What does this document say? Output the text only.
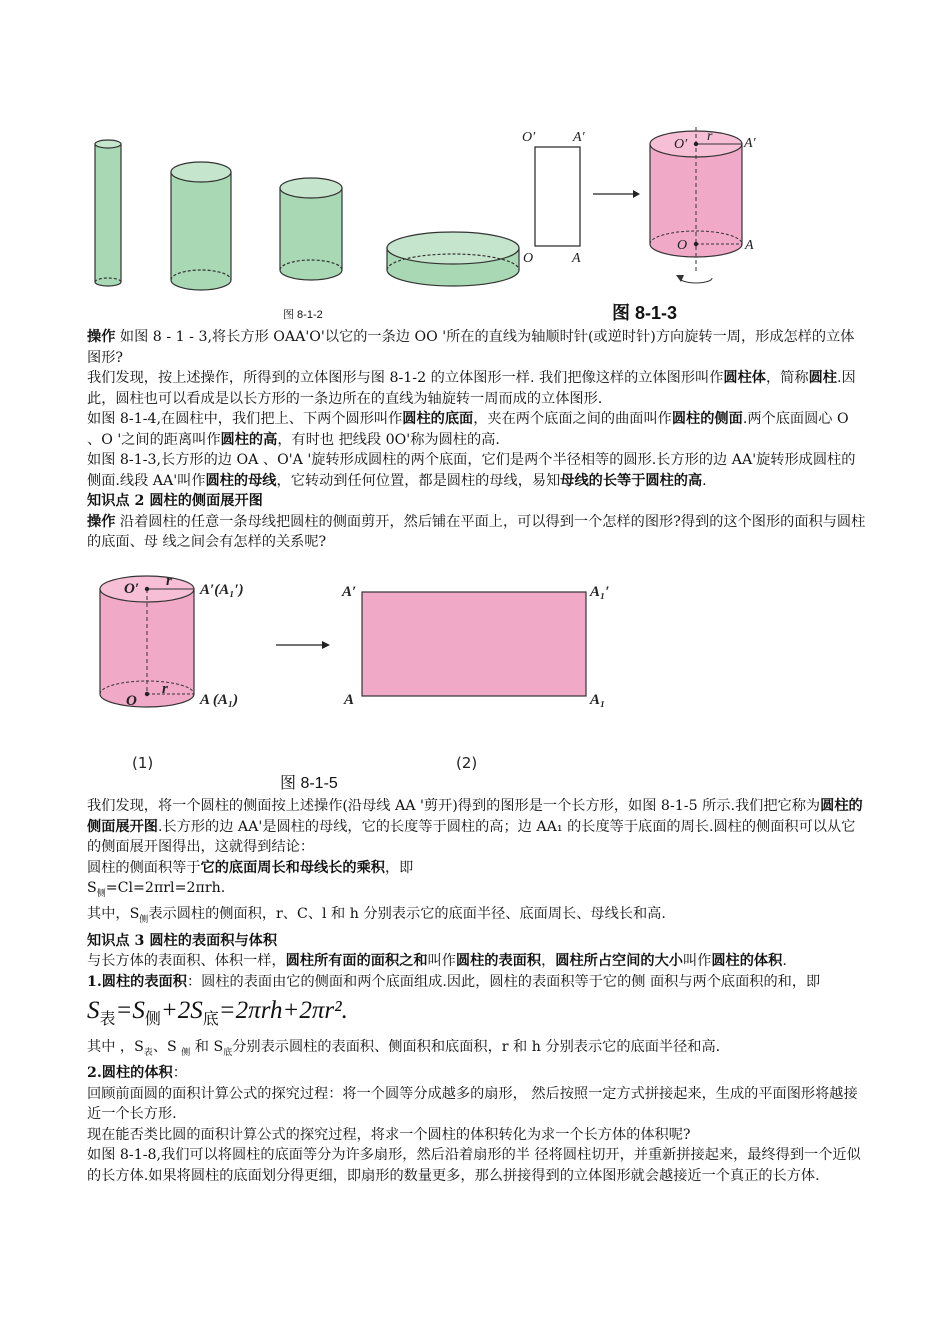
图 8-1-2
O′	A′
O	A
O′
r A′
O	A
图 8-1-3

操作 如图 8 - 1 - 3,将长方形 OAA'O'以它的一条边 OO '所在的直线为轴顺时针(或逆时针)方向旋转一周，形成怎样的立体图形?

我们发现，按上述操作，所得到的立体图形与图 8-1-2 的立体图形一样. 我们把像这样的立体图形叫作圆柱体，简称圆柱.因此，圆柱也可以看成是以长方形的一条边所在的直线为轴旋转一周而成的立体图形.

如图 8-1-4,在圆柱中，我们把上、下两个圆形叫作圆柱的底面，夹在两个底面之间的曲面叫作圆柱的侧面.两个底面圆心 O 、O '之间的距离叫作圆柱的高，有时也 把线段 0O'称为圆柱的高.

如图 8-1-3,长方形的边 OA 、O'A '旋转形成圆柱的两个底面，它们是两个半径相等的圆形.长方形的边 AA'旋转形成圆柱的侧面.线段 AA'叫作圆柱的母线，它转动到任何位置，都是圆柱的母线，易知母线的长等于圆柱的高.

知识点 2 圆柱的侧面展开图

操作 沿着圆柱的任意一条母线把圆柱的侧面剪开，然后铺在平面上，可以得到一个怎样的图形?得到的这个图形的面积与圆柱的底面、母 线之间会有怎样的关系呢?

O′ r
A′(A₁′)
r
O	A (A₁)
A′	A₁′
A	A₁
(1)	(2)
图 8-1-5

我们发现，将一个圆柱的侧面按上述操作(沿母线 AA '剪开)得到的图形是一个长方形，如图 8-1-5 所示.我们把它称为圆柱的侧面展开图.长方形的边 AA'是圆柱的母线，它的长度等于圆柱的高；边 AA₁ 的长度等于底面的周长.圆柱的侧面积可以从它的侧面展开图得出，这就得到结论：

圆柱的侧面积等于它的底面周长和母线长的乘积，即

$S_侧=Cl=2\pi rl=2\pi rh$.

其中，$S_侧$表示圆柱的侧面积，r、C、l 和 h 分别表示它的底面半径、底面周长、母线长和高.

知识点 3 圆柱的表面积与体积

与长方体的表面积、体积一样，圆柱所有面的面积之和叫作圆柱的表面积，圆柱所占空间的大小叫作圆柱的体积.

1.圆柱的表面积：圆柱的表面由它的侧面和两个底面组成.因此，圆柱的表面积等于它的侧 面积与两个底面积的和，即

$S_表=S_侧+2S_底=2\pi rh+2\pi r^2$.

其中 ，$S_表$、S $_侧$ 和 $S_底$分别表示圆柱的表面积、侧面积和底面积，r 和 h 分别表示它的底面半径和高.

2.圆柱的体积：

回顾前面圆的面积计算公式的探究过程：将一个圆等分成越多的扇形， 然后按照一定方式拼接起来，生成的平面图形将越接近一个长方形.

现在能否类比圆的面积计算公式的探究过程，将求一个圆柱的体积转化为求一个长方体的体积呢?

如图 8-1-8,我们可以将圆柱的底面等分为许多扇形，然后沿着扇形的半 径将圆柱切开，并重新拼接起来，最终得到一个近似的长方体.如果将圆柱的底面划分得更细，即扇形的数量更多，那么拼接得到的立体图形就会越接近一个真正的长方体.
